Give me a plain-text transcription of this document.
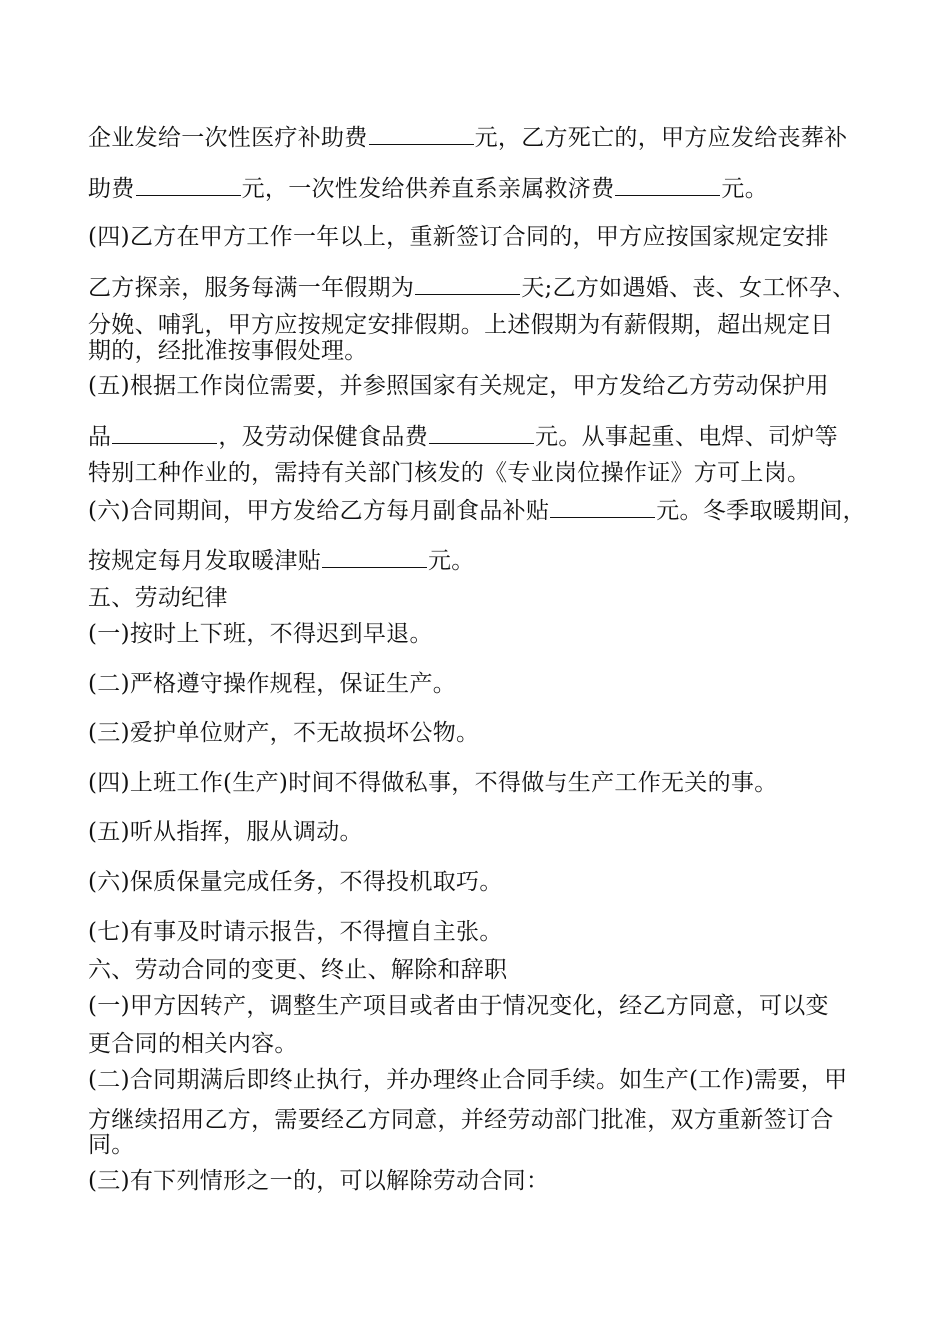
企业发给一次性医疗补助费	元，乙方死亡的，甲方应发给丧葬补
助费	元，一次性发给供养直系亲属救济费	元。
(四)乙方在甲方工作一年以上，重新签订合同的，甲方应按国家规定安排
乙方探亲，服务每满一年假期为	天;乙方如遇婚、丧、女工怀孕、
分娩、哺乳，甲方应按规定安排假期。上述假期为有薪假期，超出规定日
期的，经批准按事假处理。
(五)根据工作岗位需要，并参照国家有关规定，甲方发给乙方劳动保护用
品	，及劳动保健食品费	元。从事起重、电焊、司炉等
特别工种作业的，需持有关部门核发的《专业岗位操作证》方可上岗。
(六)合同期间，甲方发给乙方每月副食品补贴	元。冬季取暖期间，
按规定每月发取暖津贴	元。
五、劳动纪律
(一)按时上下班，不得迟到早退。
(二)严格遵守操作规程，保证生产。
(三)爱护单位财产，不无故损坏公物。
(四)上班工作(生产)时间不得做私事，不得做与生产工作无关的事。
(五)听从指挥，服从调动。
(六)保质保量完成任务，不得投机取巧。
(七)有事及时请示报告，不得擅自主张。
六、劳动合同的变更、终止、解除和辞职
(一)甲方因转产，调整生产项目或者由于情况变化，经乙方同意，可以变
更合同的相关内容。
(二)合同期满后即终止执行，并办理终止合同手续。如生产(工作)需要，甲
方继续招用乙方，需要经乙方同意，并经劳动部门批准，双方重新签订合
同。
(三)有下列情形之一的，可以解除劳动合同：
